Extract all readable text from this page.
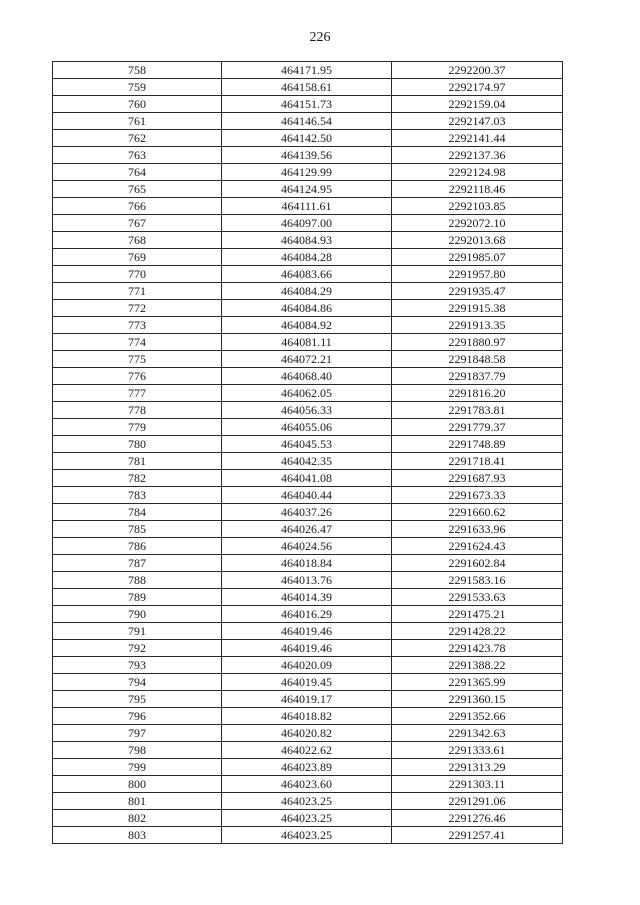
226
758	464171.95	2292200.37
759	464158.61	2292174.97
760	464151.73	2292159.04
761	464146.54	2292147.03
762	464142.50	2292141.44
763	464139.56	2292137.36
764	464129.99	2292124.98
765	464124.95	2292118.46
766	464111.61	2292103.85
767	464097.00	2292072.10
768	464084.93	2292013.68
769	464084.28	2291985.07
770	464083.66	2291957.80
771	464084.29	2291935.47
772	464084.86	2291915.38
773	464084.92	2291913.35
774	464081.11	2291880.97
775	464072.21	2291848.58
776	464068.40	2291837.79
777	464062.05	2291816.20
778	464056.33	2291783.81
779	464055.06	2291779.37
780	464045.53	2291748.89
781	464042.35	2291718.41
782	464041.08	2291687.93
783	464040.44	2291673.33
784	464037.26	2291660.62
785	464026.47	2291633.96
786	464024.56	2291624.43
787	464018.84	2291602.84
788	464013.76	2291583.16
789	464014.39	2291533.63
790	464016.29	2291475.21
791	464019.46	2291428.22
792	464019.46	2291423.78
793	464020.09	2291388.22
794	464019.45	2291365.99
795	464019.17	2291360.15
796	464018.82	2291352.66
797	464020.82	2291342.63
798	464022.62	2291333.61
799	464023.89	2291313.29
800	464023.60	2291303.11
801	464023.25	2291291.06
802	464023.25	2291276.46
803	464023.25	2291257.41
